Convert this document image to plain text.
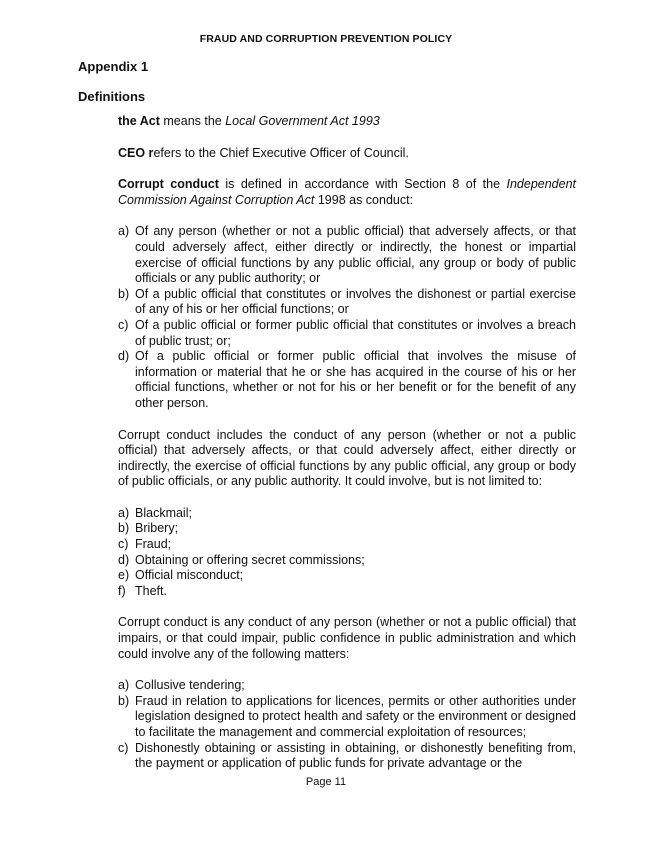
FRAUD AND CORRUPTION PREVENTION POLICY
Appendix 1
Definitions

the Act means the Local Government Act 1993

CEO refers to the Chief Executive Officer of Council.

Corrupt conduct is defined in accordance with Section 8 of the Independent Commission Against Corruption Act 1998 as conduct:

a) Of any person (whether or not a public official) that adversely affects, or that could adversely affect, either directly or indirectly, the honest or impartial exercise of official functions by any public official, any group or body of public officials or any public authority; or
b) Of a public official that constitutes or involves the dishonest or partial exercise of any of his or her official functions; or
c) Of a public official or former public official that constitutes or involves a breach of public trust; or;
d) Of a public official or former public official that involves the misuse of information or material that he or she has acquired in the course of his or her official functions, whether or not for his or her benefit or for the benefit of any other person.

Corrupt conduct includes the conduct of any person (whether or not a public official) that adversely affects, or that could adversely affect, either directly or indirectly, the exercise of official functions by any public official, any group or body of public officials, or any public authority. It could involve, but is not limited to:

a) Blackmail;
b) Bribery;
c) Fraud;
d) Obtaining or offering secret commissions;
e) Official misconduct;
f) Theft.

Corrupt conduct is any conduct of any person (whether or not a public official) that impairs, or that could impair, public confidence in public administration and which could involve any of the following matters:

a) Collusive tendering;
b) Fraud in relation to applications for licences, permits or other authorities under legislation designed to protect health and safety or the environment or designed to facilitate the management and commercial exploitation of resources;
c) Dishonestly obtaining or assisting in obtaining, or dishonestly benefiting from, the payment or application of public funds for private advantage or the
Page 11
